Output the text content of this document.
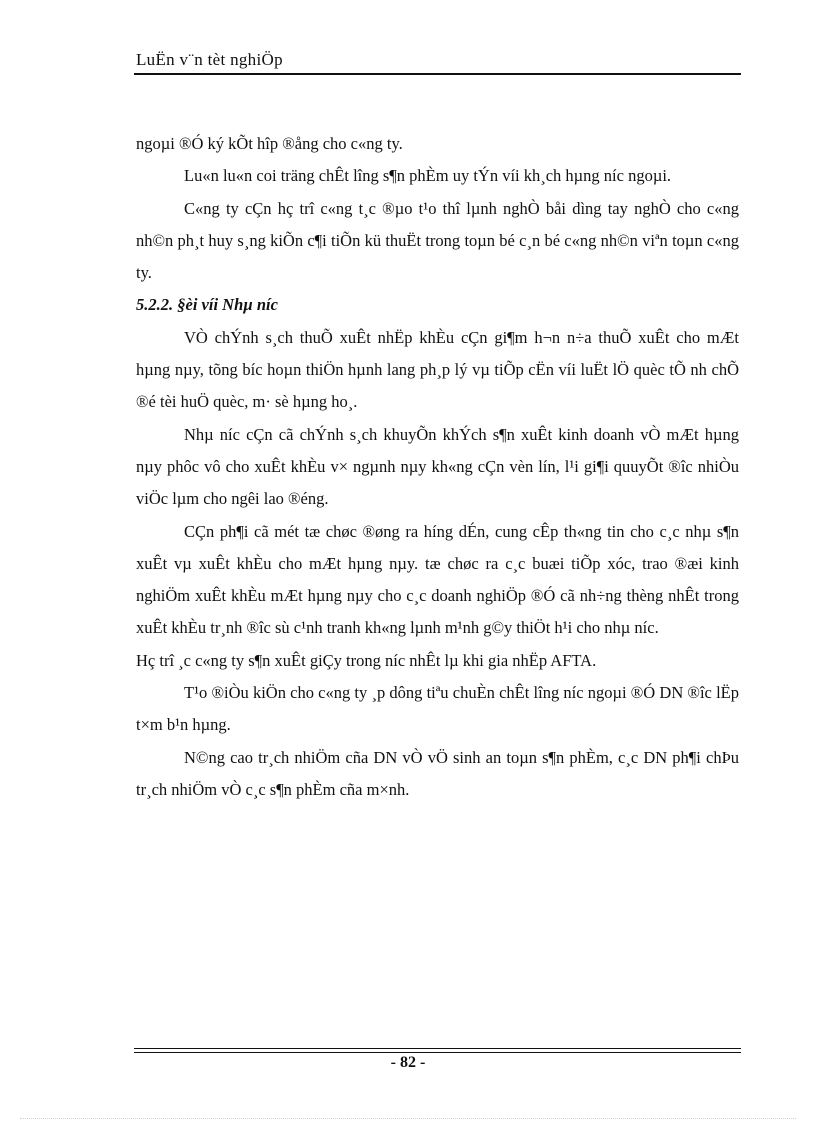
LuËn v¨n tèt nghiÖp

ngoµi ®Ó ký kÕt hîp ®ång cho c«ng ty.

Lu«n lu«n coi träng chÊt lîng s¶n phÈm uy tÝn víi kh¸ch hµng níc ngoµi.

C«ng ty cÇn hç trî c«ng t¸c ®µo t¹o thî lµnh nghÒ båi dìng tay nghÒ cho c«ng nh©n ph¸t huy s¸ng kiÕn c¶i tiÕn kü thuËt trong toµn bé c¸n bé c«ng nh©n viªn toµn c«ng ty.

5.2.2. §èi víi Nhµ níc

VÒ chÝnh s¸ch thuÕ xuÊt nhËp khÈu cÇn gi¶m h¬n n÷a thuÕ xuÊt cho mÆt hµng nµy, tõng bíc hoµn thiÖn hµnh lang ph¸p lý vµ tiÕp cËn víi luËt lÖ quèc tÕ nh chÕ ®é tèi huÖ quèc, m· sè hµng ho¸.

Nhµ níc cÇn cã chÝnh s¸ch khuyÕn khÝch s¶n xuÊt kinh doanh vÒ mÆt hµng nµy phôc vô cho xuÊt khÈu v× ngµnh nµy kh«ng cÇn vèn lín, l¹i gi¶i quuyÕt ®îc nhiÒu viÖc lµm cho ngêi lao ®éng.

CÇn ph¶i cã mét tæ chøc ®øng ra híng dÉn, cung cÊp th«ng tin cho c¸c nhµ s¶n xuÊt vµ xuÊt khÈu cho mÆt hµng nµy. tæ chøc ra c¸c buæi tiÕp xóc, trao ®æi kinh nghiÖm xuÊt khÈu mÆt hµng nµy cho c¸c doanh nghiÖp ®Ó cã nh÷ng thèng nhÊt trong xuÊt khÈu tr¸nh ®îc sù c¹nh tranh kh«ng lµnh m¹nh g©y thiÖt h¹i cho nhµ níc.

Hç trî ¸c c«ng ty s¶n xuÊt giÇy trong níc nhÊt lµ khi gia nhËp AFTA.

T¹o ®iÒu kiÖn cho c«ng ty ¸p dông tiªu chuÈn chÊt lîng níc ngoµi ®Ó DN ®îc lËp t×m b¹n hµng.

N©ng cao tr¸ch nhiÖm cña DN vÒ vÖ sinh an toµn s¶n phÈm, c¸c DN ph¶i chÞu tr¸ch nhiÖm vÒ c¸c s¶n phÈm cña m×nh.

- 82 -
